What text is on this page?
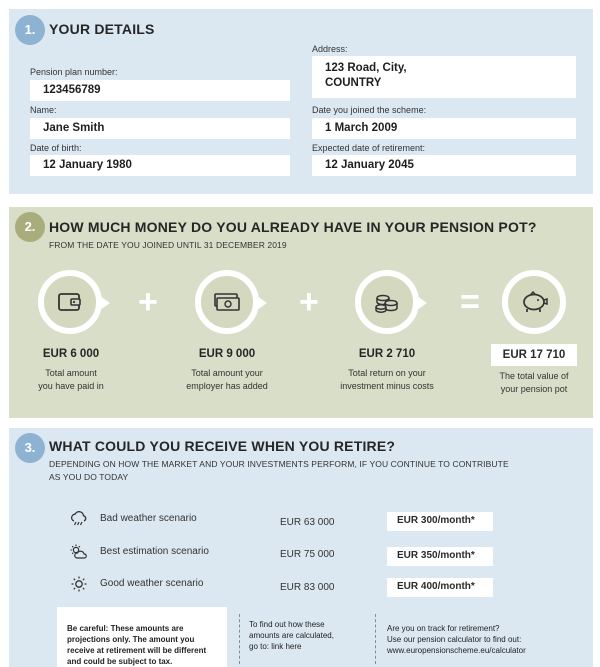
1. YOUR DETAILS
Pension plan number:
123456789
Name:
Jane Smith
Date of birth:
12 January 1980
Address:
123 Road, City,
COUNTRY
Date you joined the scheme:
1 March 2009
Expected date of retirement:
12 January 2045
2. HOW MUCH MONEY DO YOU ALREADY HAVE IN YOUR PENSION POT?
FROM THE DATE YOU JOINED UNTIL 31 DECEMBER 2019
+	+	=
EUR 6 000
Total amount
you have paid in
EUR 9 000
Total amount your
employer has added
EUR 2 710
Total return on your
investment minus costs
EUR 17 710
The total value of
your pension pot
3. WHAT COULD YOU RECEIVE WHEN YOU RETIRE?
DEPENDING ON HOW THE MARKET AND YOUR INVESTMENTS PERFORM, IF YOU CONTINUE TO CONTRIBUTE
AS YOU DO TODAY
Bad weather scenario	EUR 63 000	EUR 300/month*
Best estimation scenario	EUR 75 000	EUR 350/month*
Good weather scenario	EUR 83 000	EUR 400/month*
Be careful: These amounts are
projections only. The amount you
receive at retirement will be different
and could be subject to tax.
To find out how these
amounts are calculated,
go to: link here
Are you on track for retirement?
Use our pension calculator to find out:
www.europensionscheme.eu/calculator
